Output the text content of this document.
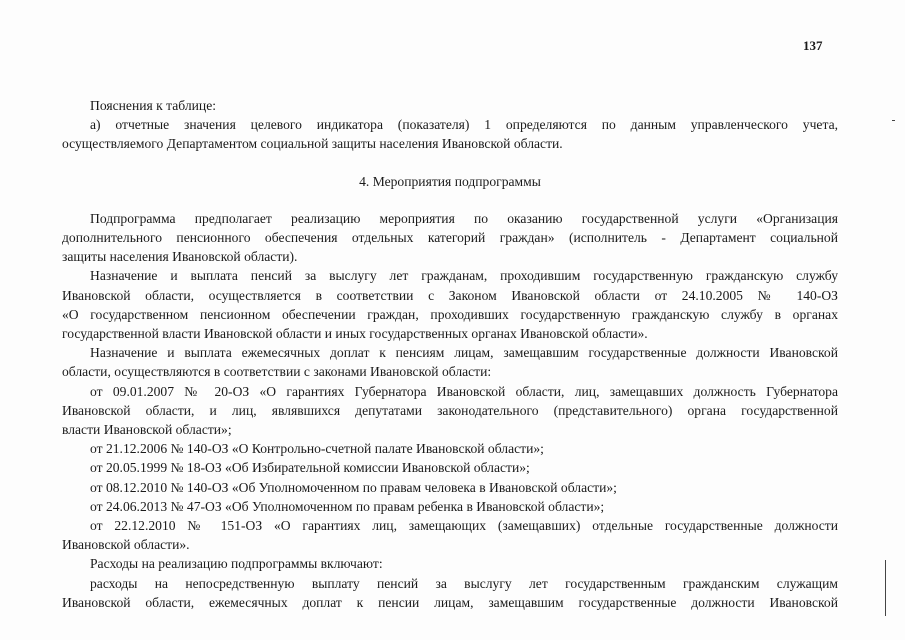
137
Пояснения к таблице:
а) отчетные значения целевого индикатора (показателя) 1 определяются по данным управленческого учета,
осуществляемого Департаментом социальной защиты населения Ивановской области.
4. Мероприятия подпрограммы
Подпрограмма предполагает реализацию мероприятия по оказанию государственной услуги «Организация
дополнительного пенсионного обеспечения отдельных категорий граждан» (исполнитель - Департамент социальной
защиты населения Ивановской области).
Назначение и выплата пенсий за выслугу лет гражданам, проходившим государственную гражданскую службу
Ивановской области, осуществляется в соответствии с Законом Ивановской области от 24.10.2005 № 140-ОЗ
«О государственном пенсионном обеспечении граждан, проходивших государственную гражданскую службу в органах
государственной власти Ивановской области и иных государственных органах Ивановской области».
Назначение и выплата ежемесячных доплат к пенсиям лицам, замещавшим государственные должности Ивановской
области, осуществляются в соответствии с законами Ивановской области:
от 09.01.2007 № 20-ОЗ «О гарантиях Губернатора Ивановской области, лиц, замещавших должность Губернатора
Ивановской области, и лиц, являвшихся депутатами законодательного (представительного) органа государственной
власти Ивановской области»;
от 21.12.2006 № 140-ОЗ «О Контрольно-счетной палате Ивановской области»;
от 20.05.1999 № 18-ОЗ «Об Избирательной комиссии Ивановской области»;
от 08.12.2010 № 140-ОЗ «Об Уполномоченном по правам человека в Ивановской области»;
от 24.06.2013 № 47-ОЗ «Об Уполномоченном по правам ребенка в Ивановской области»;
от 22.12.2010 № 151-ОЗ «О гарантиях лиц, замещающих (замещавших) отдельные государственные должности
Ивановской области».
Расходы на реализацию подпрограммы включают:
расходы на непосредственную выплату пенсий за выслугу лет государственным гражданским служащим
Ивановской области, ежемесячных доплат к пенсии лицам, замещавшим государственные должности Ивановской
